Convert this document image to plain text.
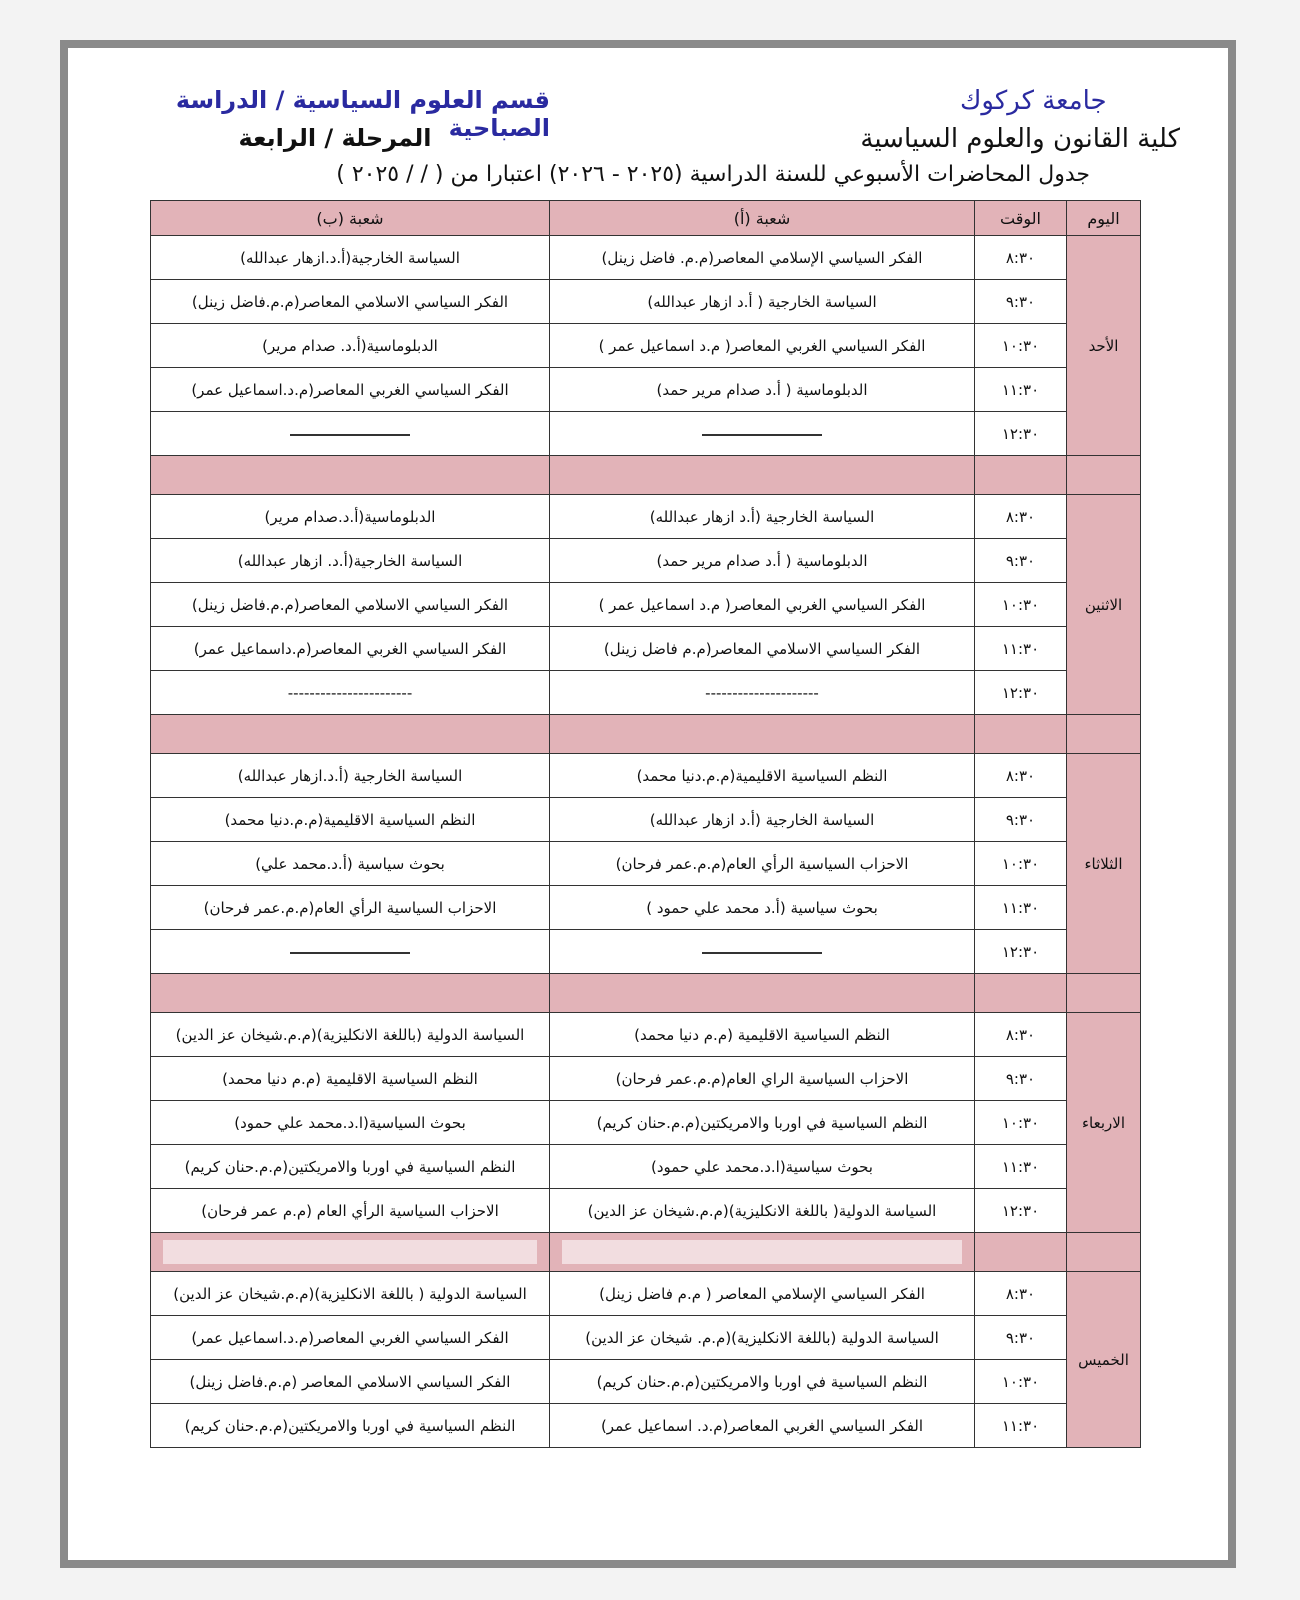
جامعة كركوك
قسم العلوم السياسية / الدراسة الصباحية	كلية القانون والعلوم السياسية
المرحلة / الرابعة
جدول المحاضرات الأسبوعي للسنة الدراسية (٢٠٢٥ - ٢٠٢٦) اعتبارا من ( / / ٢٠٢٥ )
اليوم	الوقت	شعبة (أ)	شعبة (ب)
الأحد	٨:٣٠	الفكر السياسي الإسلامي المعاصر(م.م. فاضل زينل)	السياسة الخارجية(أ.د.ازهار عبدالله)
	٩:٣٠	السياسة الخارجية ( أ.د ازهار عبدالله)	الفكر السياسي الاسلامي المعاصر(م.م.فاضل زينل)
	١٠:٣٠	الفكر السياسي الغربي المعاصر( م.د اسماعيل عمر )	الدبلوماسية(أ.د. صدام مرير)
	١١:٣٠	الدبلوماسية ( أ.د صدام مرير حمد)	الفكر السياسي الغربي المعاصر(م.د.اسماعيل عمر)
	١٢:٣٠		

الاثنين	٨:٣٠	السياسة الخارجية (أ.د ازهار عبدالله)	الدبلوماسية(أ.د.صدام مرير)
	٩:٣٠	الدبلوماسية ( أ.د صدام مرير حمد)	السياسة الخارجية(أ.د. ازهار عبدالله)
	١٠:٣٠	الفكر السياسي الغربي المعاصر( م.د اسماعيل عمر )	الفكر السياسي الاسلامي المعاصر(م.م.فاضل زينل)
	١١:٣٠	الفكر السياسي الاسلامي المعاصر(م.م فاضل زينل)	الفكر السياسي الغربي المعاصر(م.داسماعيل عمر)
	١٢:٣٠	---------------------	-----------------------

الثلاثاء	٨:٣٠	النظم السياسية الاقليمية(م.م.دنيا محمد)	السياسة الخارجية (أ.د.ازهار عبدالله)
	٩:٣٠	السياسة الخارجية (أ.د ازهار عبدالله)	النظم السياسية الاقليمية(م.م.دنيا محمد)
	١٠:٣٠	الاحزاب السياسية الرأي العام(م.م.عمر فرحان)	بحوث سياسية (أ.د.محمد علي)
	١١:٣٠	بحوث سياسية (أ.د محمد علي حمود )	الاحزاب السياسية الرأي العام(م.م.عمر فرحان)
	١٢:٣٠		

الاربعاء	٨:٣٠	النظم السياسية الاقليمية (م.م دنيا محمد)	السياسة الدولية (باللغة الانكليزية)(م.م.شيخان عز الدين)
	٩:٣٠	الاحزاب السياسية الراي العام(م.م.عمر فرحان)	النظم السياسية الاقليمية (م.م دنيا محمد)
	١٠:٣٠	النظم السياسية في اوربا والامريكتين(م.م.حنان كريم)	بحوث السياسية(ا.د.محمد علي حمود)
	١١:٣٠	بحوث سياسية(ا.د.محمد علي حمود)	النظم السياسية في اوربا والامريكتين(م.م.حنان كريم)
	١٢:٣٠	السياسة الدولية( باللغة الانكليزية)(م.م.شيخان عز الدين)	الاحزاب السياسية الرأي العام (م.م عمر فرحان)

الخميس	٨:٣٠	الفكر السياسي الإسلامي المعاصر ( م.م فاضل زينل)	السياسة الدولية ( باللغة الانكليزية)(م.م.شيخان عز الدين)
	٩:٣٠	السياسة الدولية (باللغة الانكليزية)(م.م. شيخان عز الدين)	الفكر السياسي الغربي المعاصر(م.د.اسماعيل عمر)
	١٠:٣٠	النظم السياسية في اوربا والامريكتين(م.م.حنان كريم)	الفكر السياسي الاسلامي المعاصر (م.م.فاضل زينل)
	١١:٣٠	الفكر السياسي الغربي المعاصر(م.د. اسماعيل عمر)	النظم السياسية في اوربا والامريكتين(م.م.حنان كريم)
